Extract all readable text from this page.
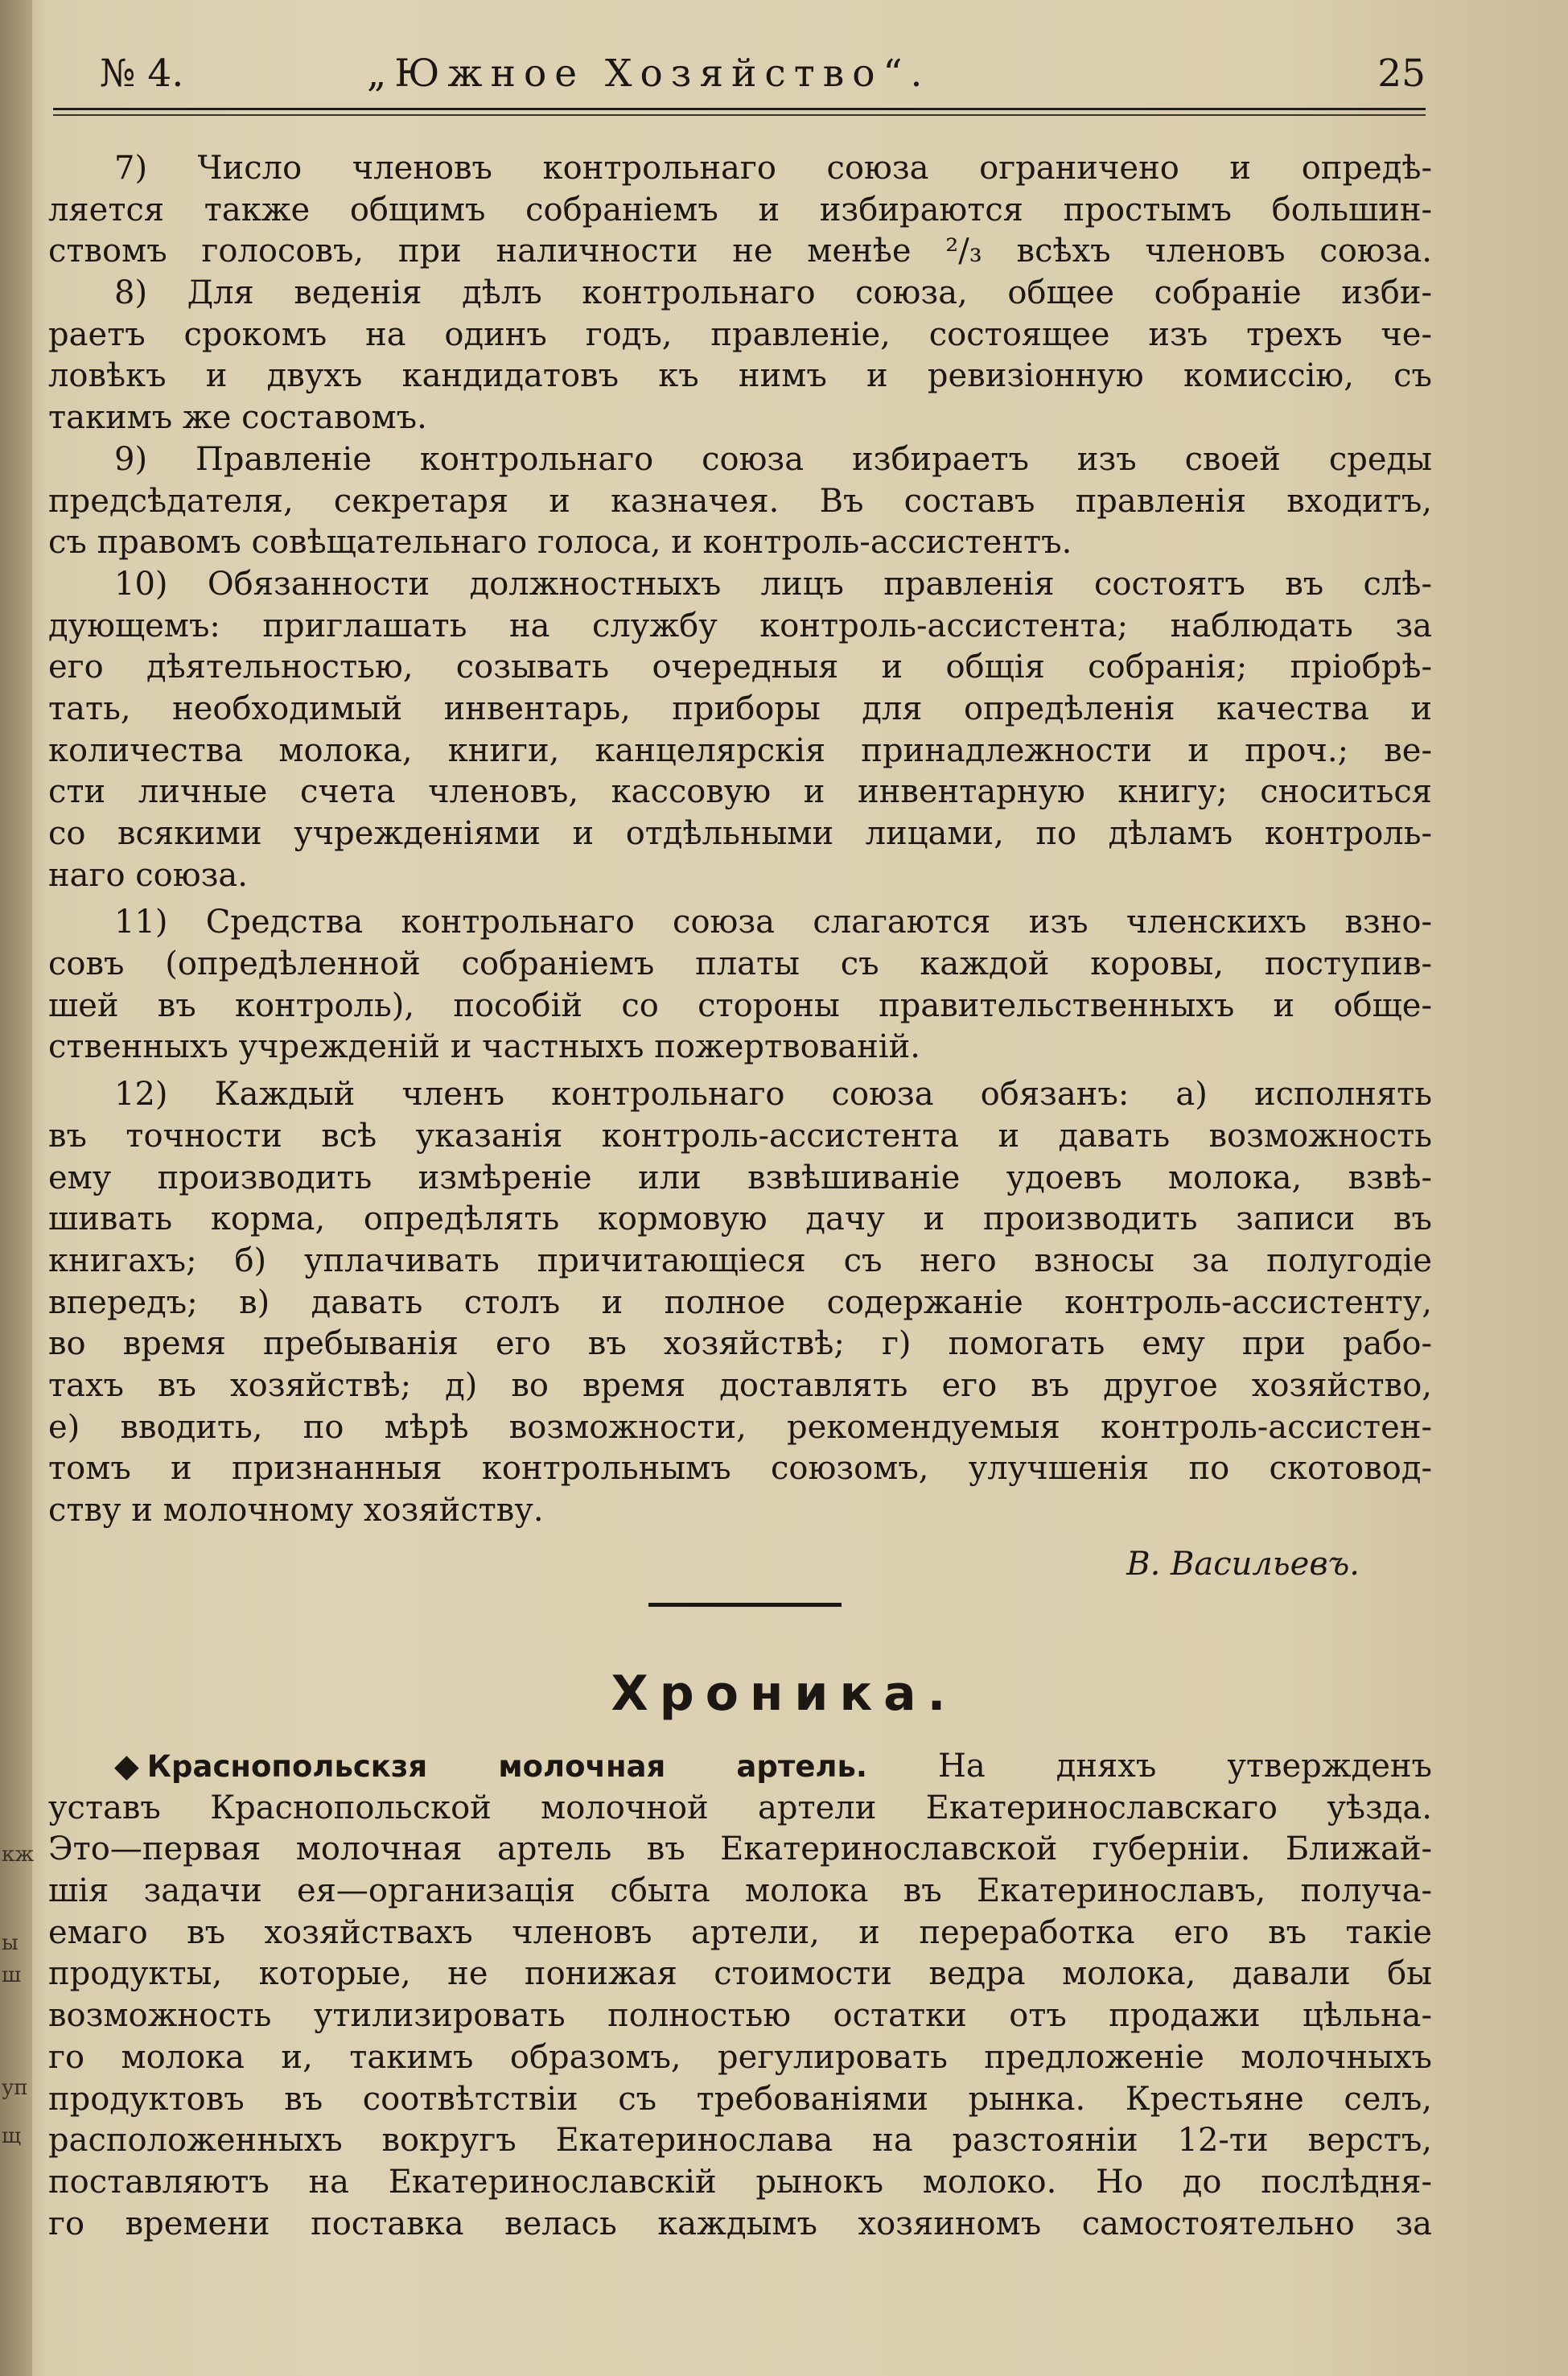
кж
ы
ш
уп
щ
№ 4.	„Южное Хозяйство“.	25
7) Число членовъ контрольнаго союза ограничено и опредѣ-
ляется также общимъ собраніемъ и избираются простымъ большин-
ствомъ голосовъ, при наличности не менѣе ²/₃ всѣхъ членовъ союза.
8) Для веденія дѣлъ контрольнаго союза, общее собраніе изби-
раетъ срокомъ на одинъ годъ, правленіе, состоящее изъ трехъ че-
ловѣкъ и двухъ кандидатовъ къ нимъ и ревизіонную комиссію, съ
такимъ же составомъ.
9) Правленіе контрольнаго союза избираетъ изъ своей среды
предсѣдателя, секретаря и казначея. Въ составъ правленія входитъ,
съ правомъ совѣщательнаго голоса, и контроль-ассистентъ.
10) Обязанности должностныхъ лицъ правленія состоятъ въ слѣ-
дующемъ: приглашать на службу контроль-ассистента; наблюдать за
его дѣятельностью, созывать очередныя и общія собранія; пріобрѣ-
тать, необходимый инвентарь, приборы для опредѣленія качества и
количества молока, книги, канцелярскія принадлежности и проч.; ве-
сти личные счета членовъ, кассовую и инвентарную книгу; сноситься
со всякими учрежденіями и отдѣльными лицами, по дѣламъ контроль-
наго союза.
11) Средства контрольнаго союза слагаются изъ членскихъ взно-
совъ (опредѣленной собраніемъ платы съ каждой коровы, поступив-
шей въ контроль), пособій со стороны правительственныхъ и обще-
ственныхъ учрежденій и частныхъ пожертвованій.
12) Каждый членъ контрольнаго союза обязанъ: а) исполнять
въ точности всѣ указанія контроль-ассистента и давать возможность
ему производить измѣреніе или взвѣшиваніе удоевъ молока, взвѣ-
шивать корма, опредѣлять кормовую дачу и производить записи въ
книгахъ; б) уплачивать причитающіеся съ него взносы за полугодіе
впередъ; в) давать столъ и полное содержаніе контроль-ассистенту,
во время пребыванія его въ хозяйствѣ; г) помогать ему при рабо-
тахъ въ хозяйствѣ; д) во время доставлять его въ другое хозяйство,
е) вводить, по мѣрѣ возможности, рекомендуемыя контроль-ассистен-
томъ и признанныя контрольнымъ союзомъ, улучшенія по скотовод-
ству и молочному хозяйству.
В. Васильевъ.
Хроника.
◆ Краснопольскзя молочная артель. На дняхъ утвержденъ
уставъ Краснопольской молочной артели Екатеринославскаго уѣзда.
Это—первая молочная артель въ Екатеринославской губерніи. Ближай-
шія задачи ея—организація сбыта молока въ Екатеринославъ, получа-
емаго въ хозяйствахъ членовъ артели, и переработка его въ такіе
продукты, которые, не понижая стоимости ведра молока, давали бы
возможность утилизировать полностью остатки отъ продажи цѣльна-
го молока и, такимъ образомъ, регулировать предложеніе молочныхъ
продуктовъ въ соотвѣтствіи съ требованіями рынка. Крестьяне селъ,
расположенныхъ вокругъ Екатеринослава на разстояніи 12-ти верстъ,
поставляютъ на Екатеринославскій рынокъ молоко. Но до послѣдня-
го времени поставка велась каждымъ хозяиномъ самостоятельно за
